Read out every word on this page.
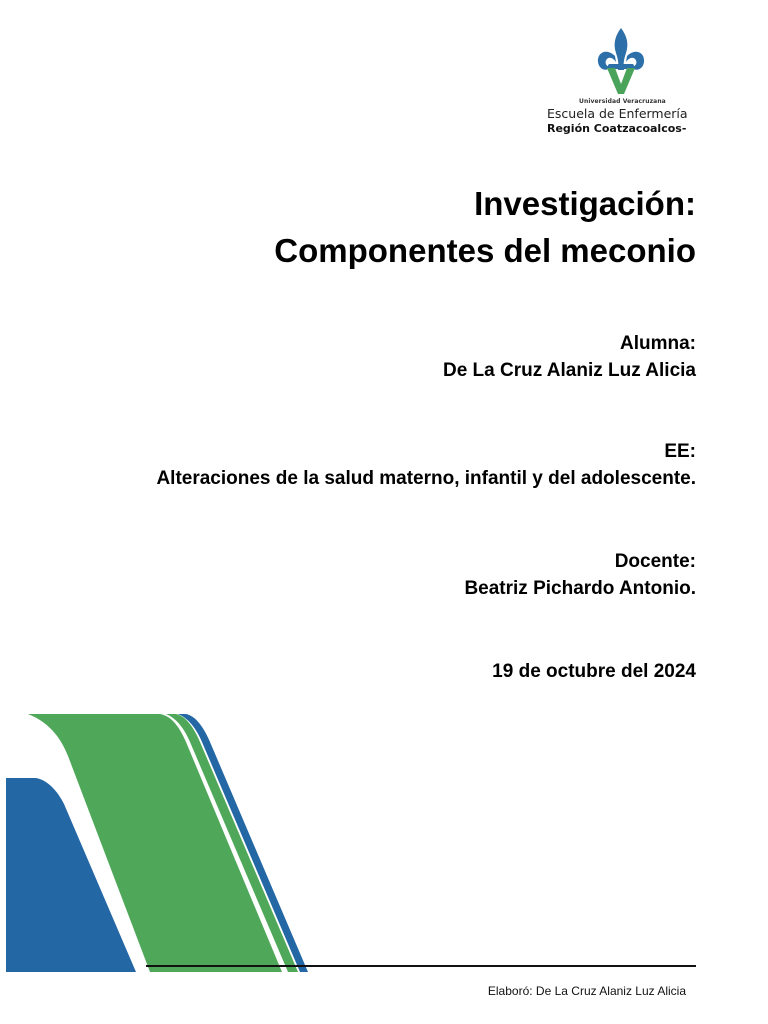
Universidad Veracruzana
Escuela de Enfermería
Región Coatzacoalcos-
Investigación:
Componentes del meconio
Alumna:
De La Cruz Alaniz Luz Alicia
EE:
Alteraciones de la salud materno, infantil y del adolescente.
Docente:
Beatriz Pichardo Antonio.
19 de octubre del 2024
Elaboró: De La Cruz Alaniz Luz Alicia
